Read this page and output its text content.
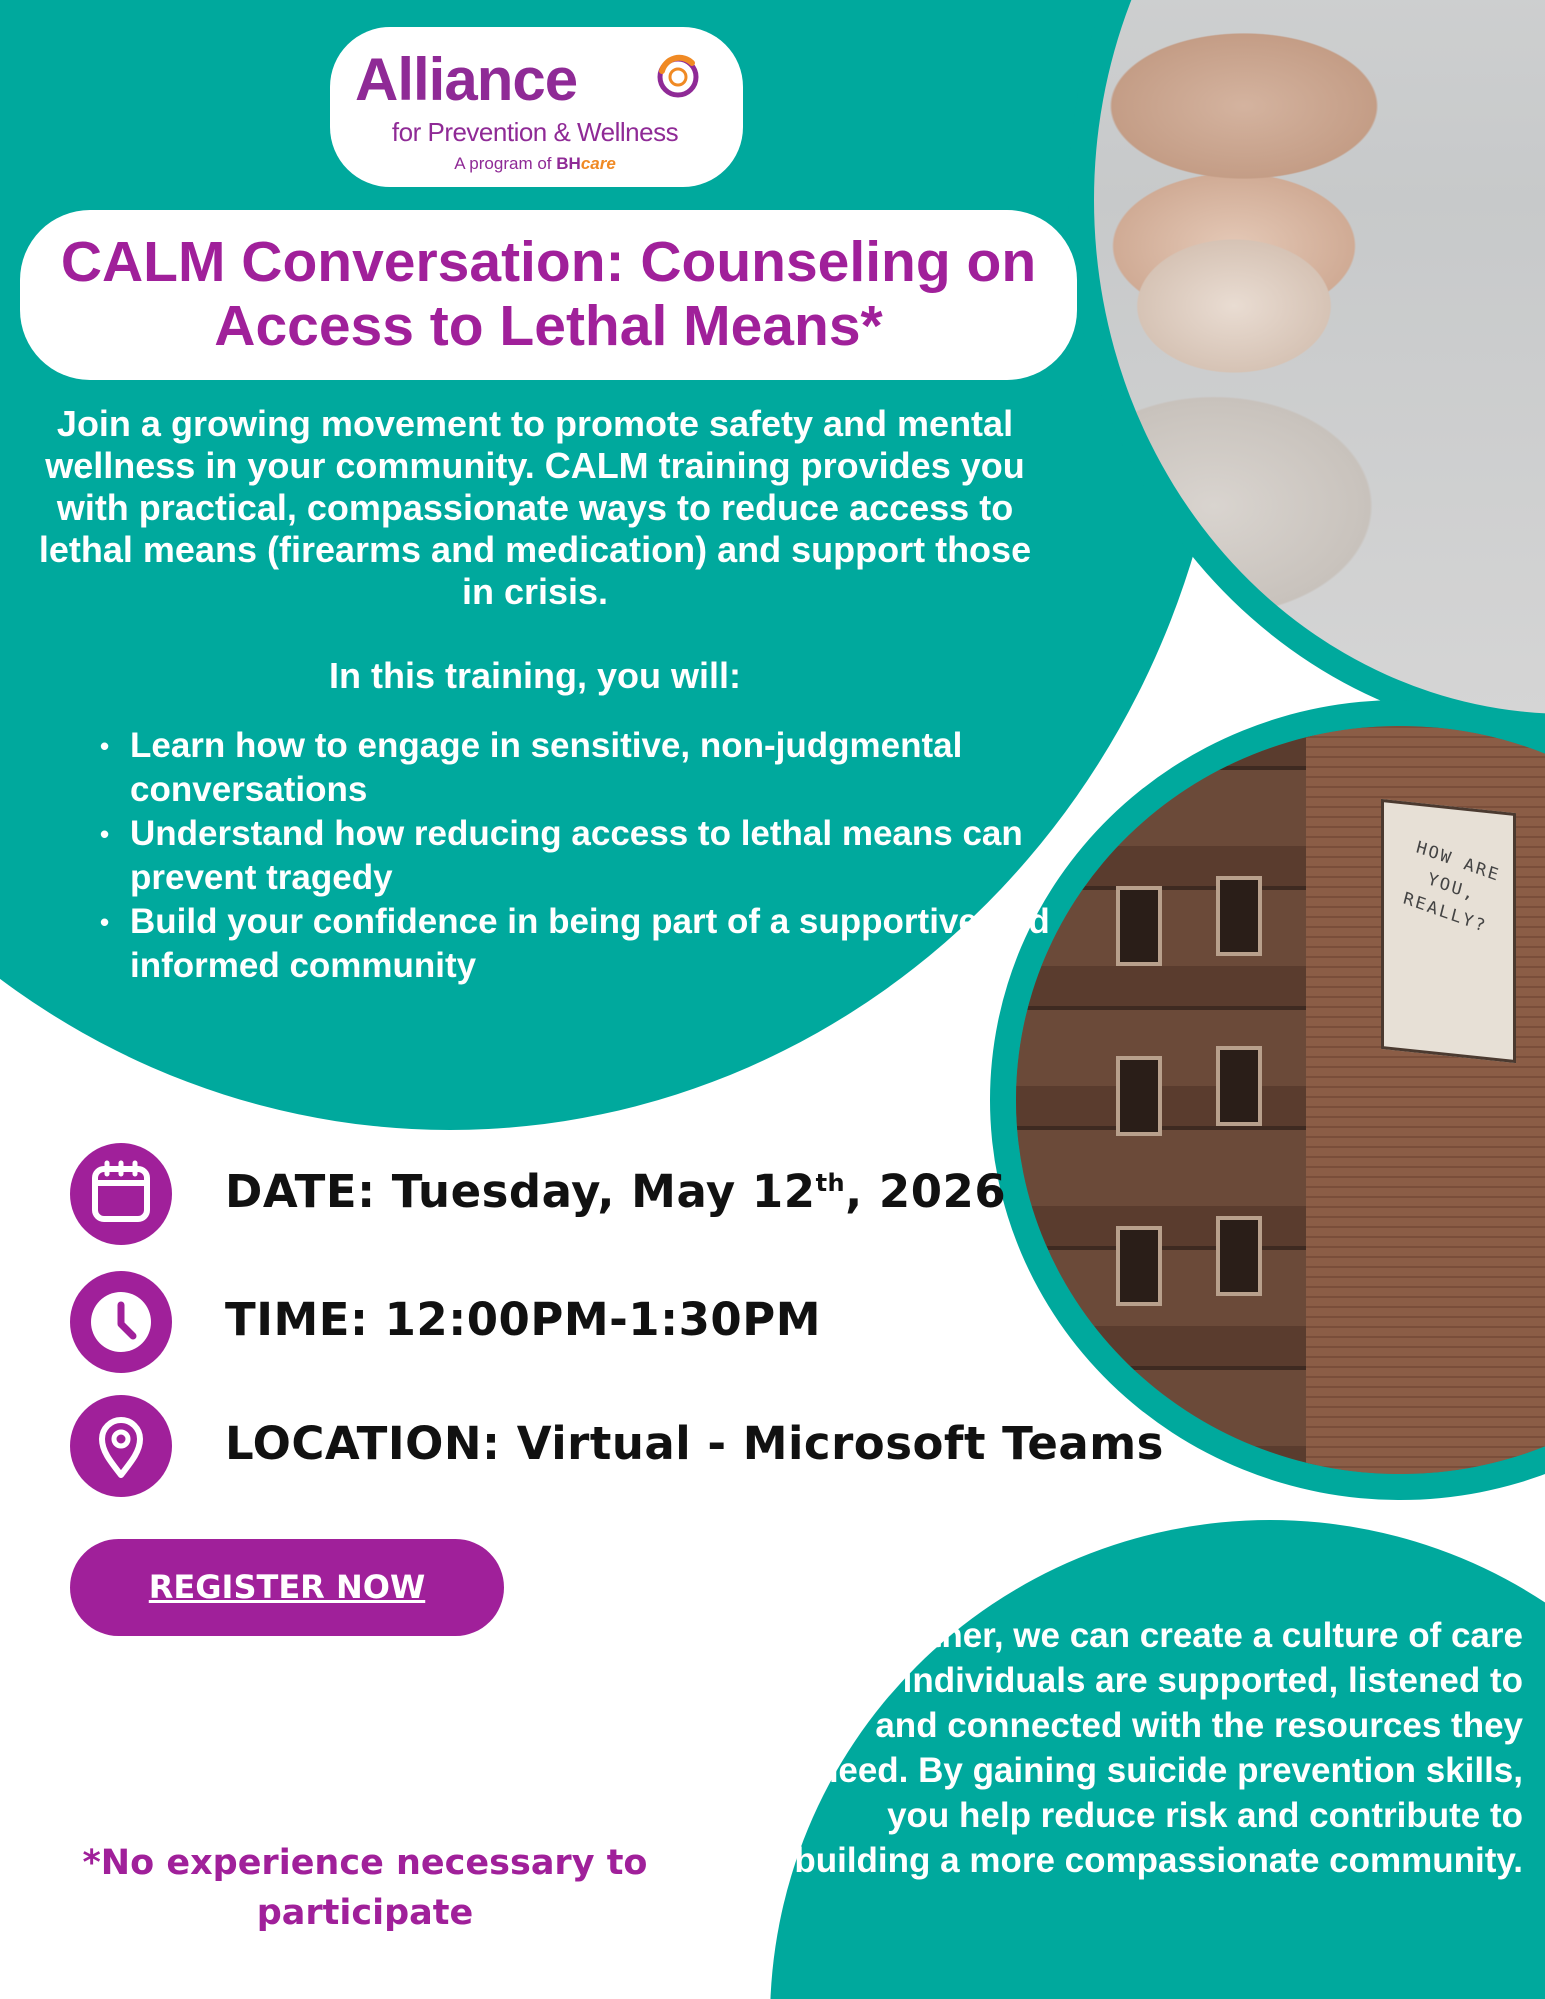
HOW ARE YOU, REALLY?
Alliance
for Prevention & Wellness
A program of BHcare
CALM Conversation: Counseling on Access to Lethal Means*
Join a growing movement to promote safety and mental wellness in your community. CALM training provides you with practical, compassionate ways to reduce access to lethal means (firearms and medication) and support those in crisis.
In this training, you will:
• Learn how to engage in sensitive, non-judgmental conversations
• Understand how reducing access to lethal means can prevent tragedy
• Build your confidence in being part of a supportive and informed community
DATE: Tuesday, May 12th, 2026
TIME: 12:00PM-1:30PM
LOCATION: Virtual - Microsoft Teams
REGISTER NOW
*No experience necessary to participate
Together, we can create a culture of care where individuals are supported, listened to and connected with the resources they need. By gaining suicide prevention skills, you help reduce risk and contribute to building a more compassionate community.
